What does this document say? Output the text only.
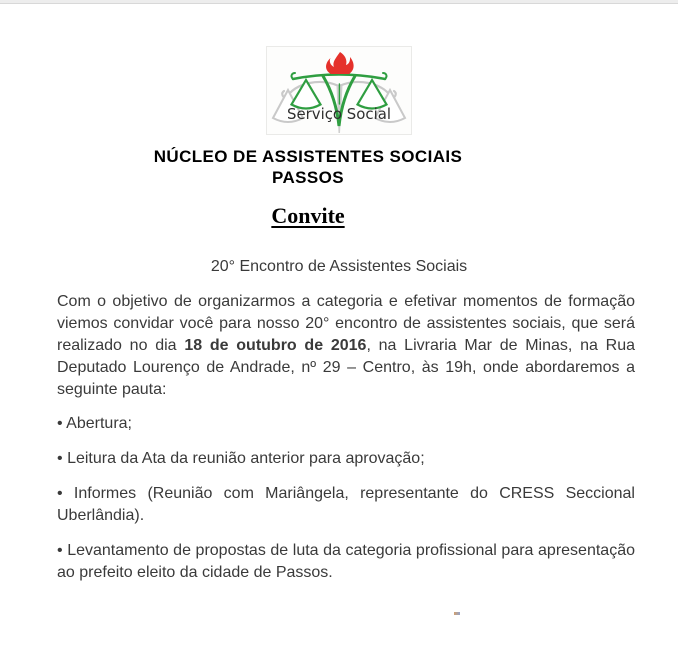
Serviço Social
NÚCLEO DE ASSISTENTES SOCIAIS
PASSOS
Convite
20° Encontro de Assistentes Sociais

Com o objetivo de organizarmos a categoria e efetivar momentos de formação viemos convidar você para nosso 20° encontro de assistentes sociais, que será realizado no dia 18 de outubro de 2016, na Livraria Mar de Minas, na Rua Deputado Lourenço de Andrade, nº 29 – Centro, às 19h, onde abordaremos a seguinte pauta:

• Abertura;

• Leitura da Ata da reunião anterior para aprovação;

• Informes (Reunião com Mariângela, representante do CRESS Seccional Uberlândia).

• Levantamento de propostas de luta da categoria profissional para apresentação ao prefeito eleito da cidade de Passos.
